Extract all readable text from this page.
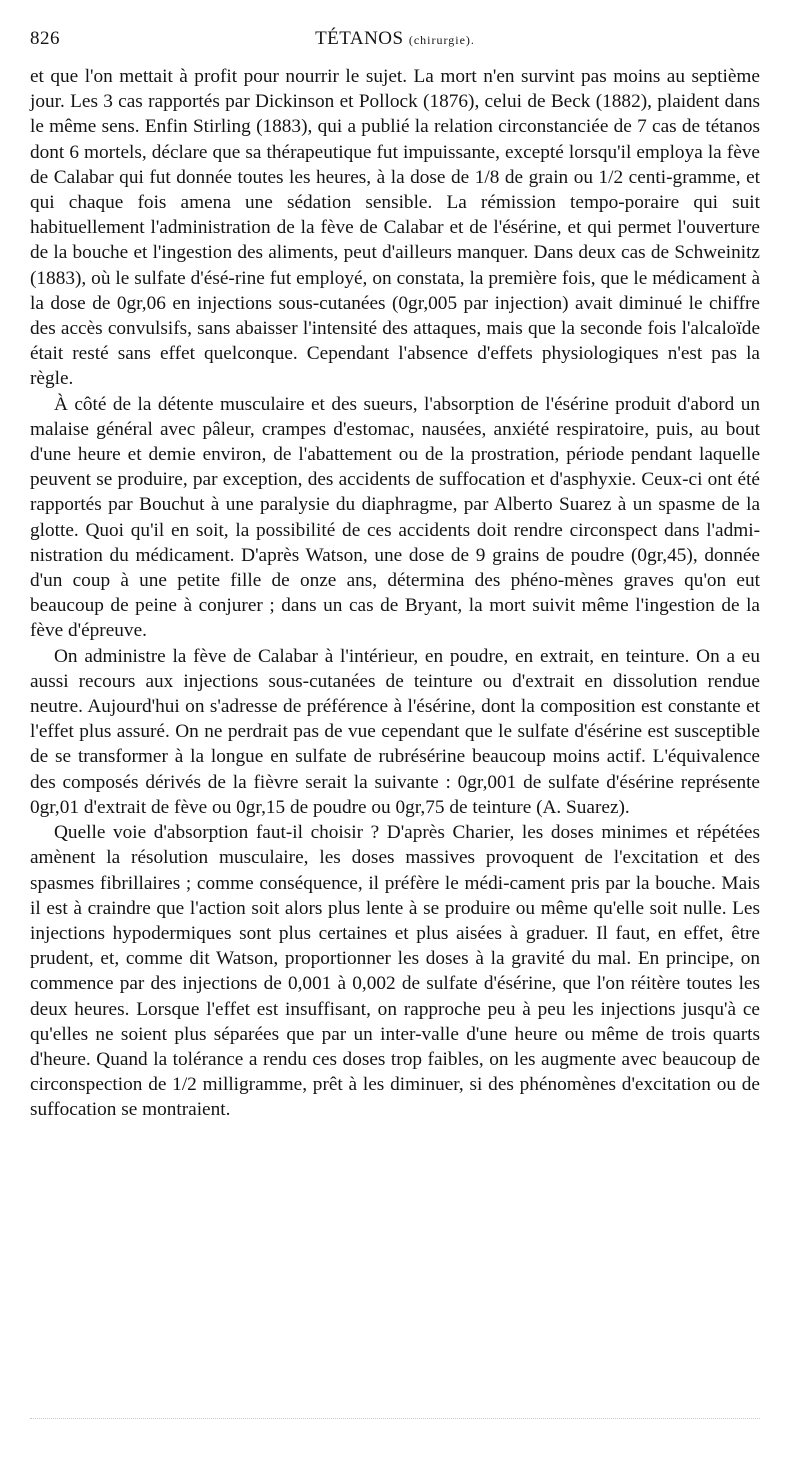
826	TÉTANOS (chirurgie).

et que l'on mettait à profit pour nourrir le sujet. La mort n'en survint pas moins au septième jour. Les 3 cas rapportés par Dickinson et Pollock (1876), celui de Beck (1882), plaident dans le même sens. Enfin Stirling (1883), qui a publié la relation circonstanciée de 7 cas de tétanos dont 6 mortels, déclare que sa thérapeutique fut impuissante, excepté lorsqu'il employa la fève de Calabar qui fut donnée toutes les heures, à la dose de 1/8 de grain ou 1/2 centi-gramme, et qui chaque fois amena une sédation sensible. La rémission tempo-poraire qui suit habituellement l'administration de la fève de Calabar et de l'ésérine, et qui permet l'ouverture de la bouche et l'ingestion des aliments, peut d'ailleurs manquer. Dans deux cas de Schweinitz (1883), où le sulfate d'ésé-rine fut employé, on constata, la première fois, que le médicament à la dose de 0gr,06 en injections sous-cutanées (0gr,005 par injection) avait diminué le chiffre des accès convulsifs, sans abaisser l'intensité des attaques, mais que la seconde fois l'alcaloïde était resté sans effet quelconque. Cependant l'absence d'effets physiologiques n'est pas la règle.

À côté de la détente musculaire et des sueurs, l'absorption de l'ésérine produit d'abord un malaise général avec pâleur, crampes d'estomac, nausées, anxiété respiratoire, puis, au bout d'une heure et demie environ, de l'abattement ou de la prostration, période pendant laquelle peuvent se produire, par exception, des accidents de suffocation et d'asphyxie. Ceux-ci ont été rapportés par Bouchut à une paralysie du diaphragme, par Alberto Suarez à un spasme de la glotte. Quoi qu'il en soit, la possibilité de ces accidents doit rendre circonspect dans l'admi-nistration du médicament. D'après Watson, une dose de 9 grains de poudre (0gr,45), donnée d'un coup à une petite fille de onze ans, détermina des phéno-mènes graves qu'on eut beaucoup de peine à conjurer ; dans un cas de Bryant, la mort suivit même l'ingestion de la fève d'épreuve.

On administre la fève de Calabar à l'intérieur, en poudre, en extrait, en teinture. On a eu aussi recours aux injections sous-cutanées de teinture ou d'extrait en dissolution rendue neutre. Aujourd'hui on s'adresse de préférence à l'ésérine, dont la composition est constante et l'effet plus assuré. On ne perdrait pas de vue cependant que le sulfate d'ésérine est susceptible de se transformer à la longue en sulfate de rubrésérine beaucoup moins actif. L'équivalence des composés dérivés de la fièvre serait la suivante : 0gr,001 de sulfate d'ésérine représente 0gr,01 d'extrait de fève ou 0gr,15 de poudre ou 0gr,75 de teinture (A. Suarez).

Quelle voie d'absorption faut-il choisir ? D'après Charier, les doses minimes et répétées amènent la résolution musculaire, les doses massives provoquent de l'excitation et des spasmes fibrillaires ; comme conséquence, il préfère le médi-cament pris par la bouche. Mais il est à craindre que l'action soit alors plus lente à se produire ou même qu'elle soit nulle. Les injections hypodermiques sont plus certaines et plus aisées à graduer. Il faut, en effet, être prudent, et, comme dit Watson, proportionner les doses à la gravité du mal. En principe, on commence par des injections de 0,001 à 0,002 de sulfate d'ésérine, que l'on réitère toutes les deux heures. Lorsque l'effet est insuffisant, on rapproche peu à peu les injections jusqu'à ce qu'elles ne soient plus séparées que par un inter-valle d'une heure ou même de trois quarts d'heure. Quand la tolérance a rendu ces doses trop faibles, on les augmente avec beaucoup de circonspection de 1/2 milligramme, prêt à les diminuer, si des phénomènes d'excitation ou de suffocation se montraient.
